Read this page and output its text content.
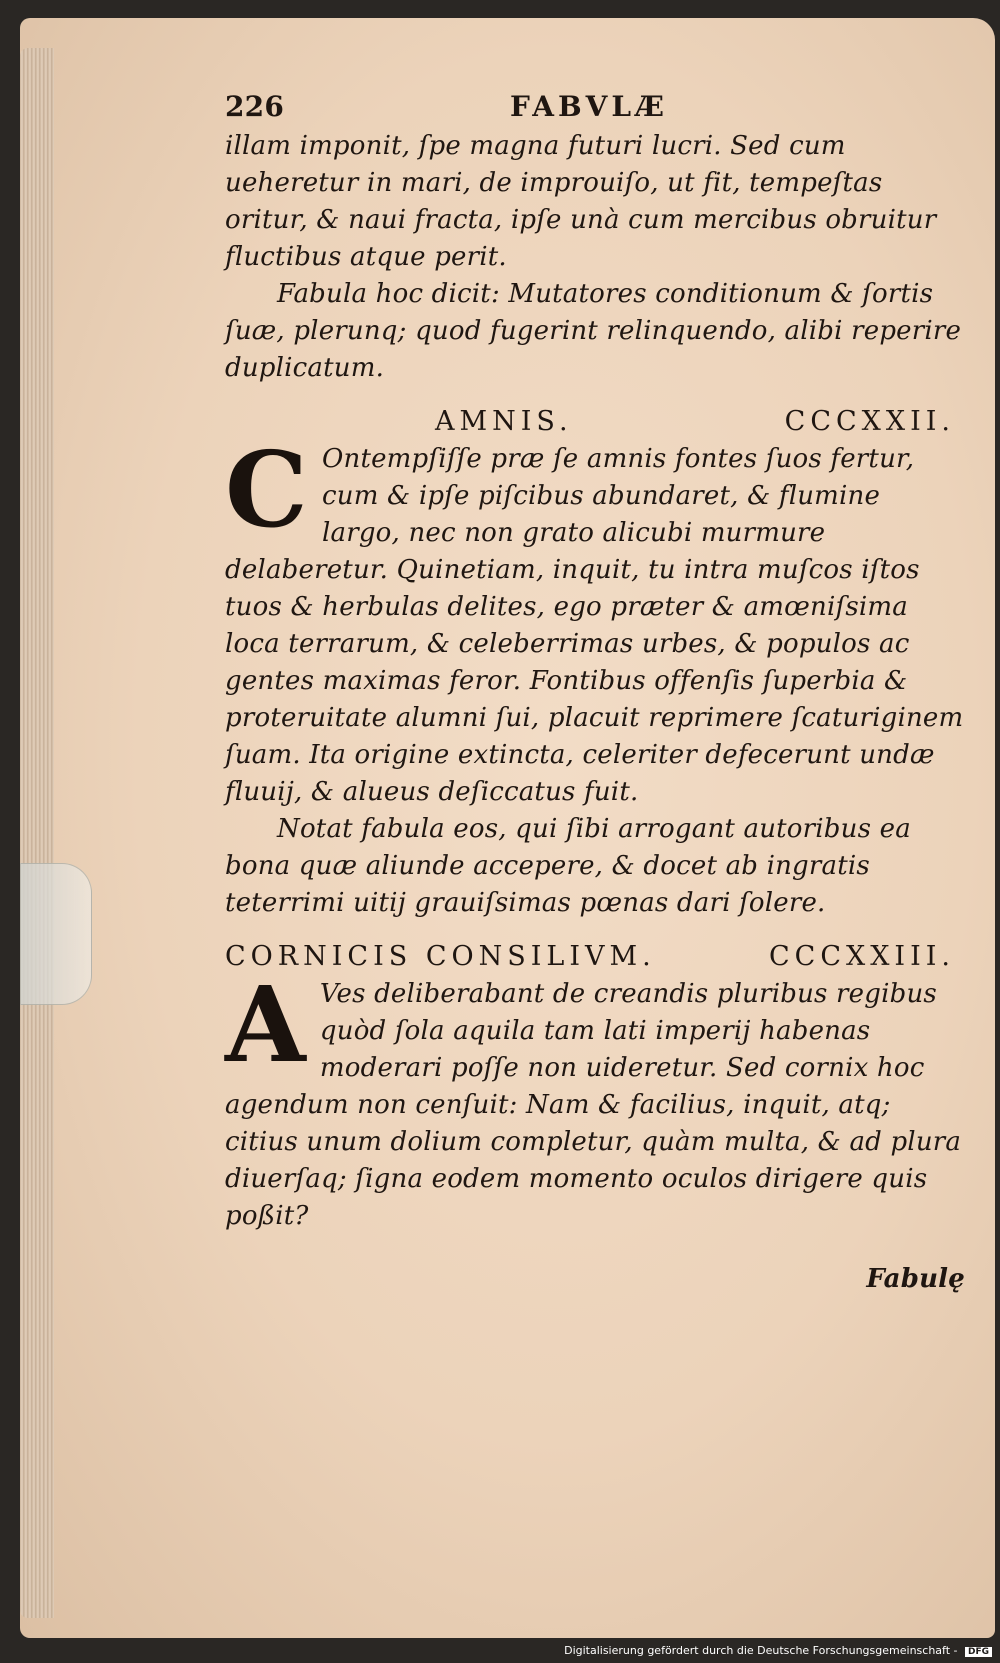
226	FABVLÆ

illam imponit, ſpe magna futuri lucri. Sed cum ueheretur in mari, de improuiſo, ut fit, tempeſtas oritur, & naui fracta, ipſe unà cum mercibus obruitur fluctibus atque perit.

Fabula hoc dicit: Mutatores conditionum & ſortis ſuæ, plerunq; quod fugerint relinquendo, alibi reperire duplicatum.

AMNIS.	CCCXXII.

C Ontempſiſſe præ ſe amnis fontes ſuos fertur, cum & ipſe piſcibus abundaret, & flumine largo, nec non grato alicubi murmure delaberetur. Quinetiam, inquit, tu intra muſcos iſtos tuos & herbulas delites, ego præter & amœniſsima loca terrarum, & celeberrimas urbes, & populos ac gentes maximas feror. Fontibus offenſis ſuperbia & proteruitate alumni ſui, placuit reprimere ſcaturiginem ſuam. Ita origine extincta, celeriter defecerunt undæ fluuij, & alueus deſiccatus fuit.

Notat fabula eos, qui ſibi arrogant autoribus ea bona quæ aliunde accepere, & docet ab ingratis teterrimi uitij grauiſsimas pœnas dari ſolere.

CORNICIS CONSILIVM.	CCCXXIII.

A Ves deliberabant de creandis pluribus regibus quòd ſola aquila tam lati imperij habenas moderari poſſe non uideretur. Sed cornix hoc agendum non cenſuit: Nam & facilius, inquit, atq; citius unum dolium completur, quàm multa, & ad plura diuerſaq; ſigna eodem momento oculos dirigere quis poßit?

Fabulę
Digitalisierung gefördert durch die Deutsche Forschungsgemeinschaft - DFG
